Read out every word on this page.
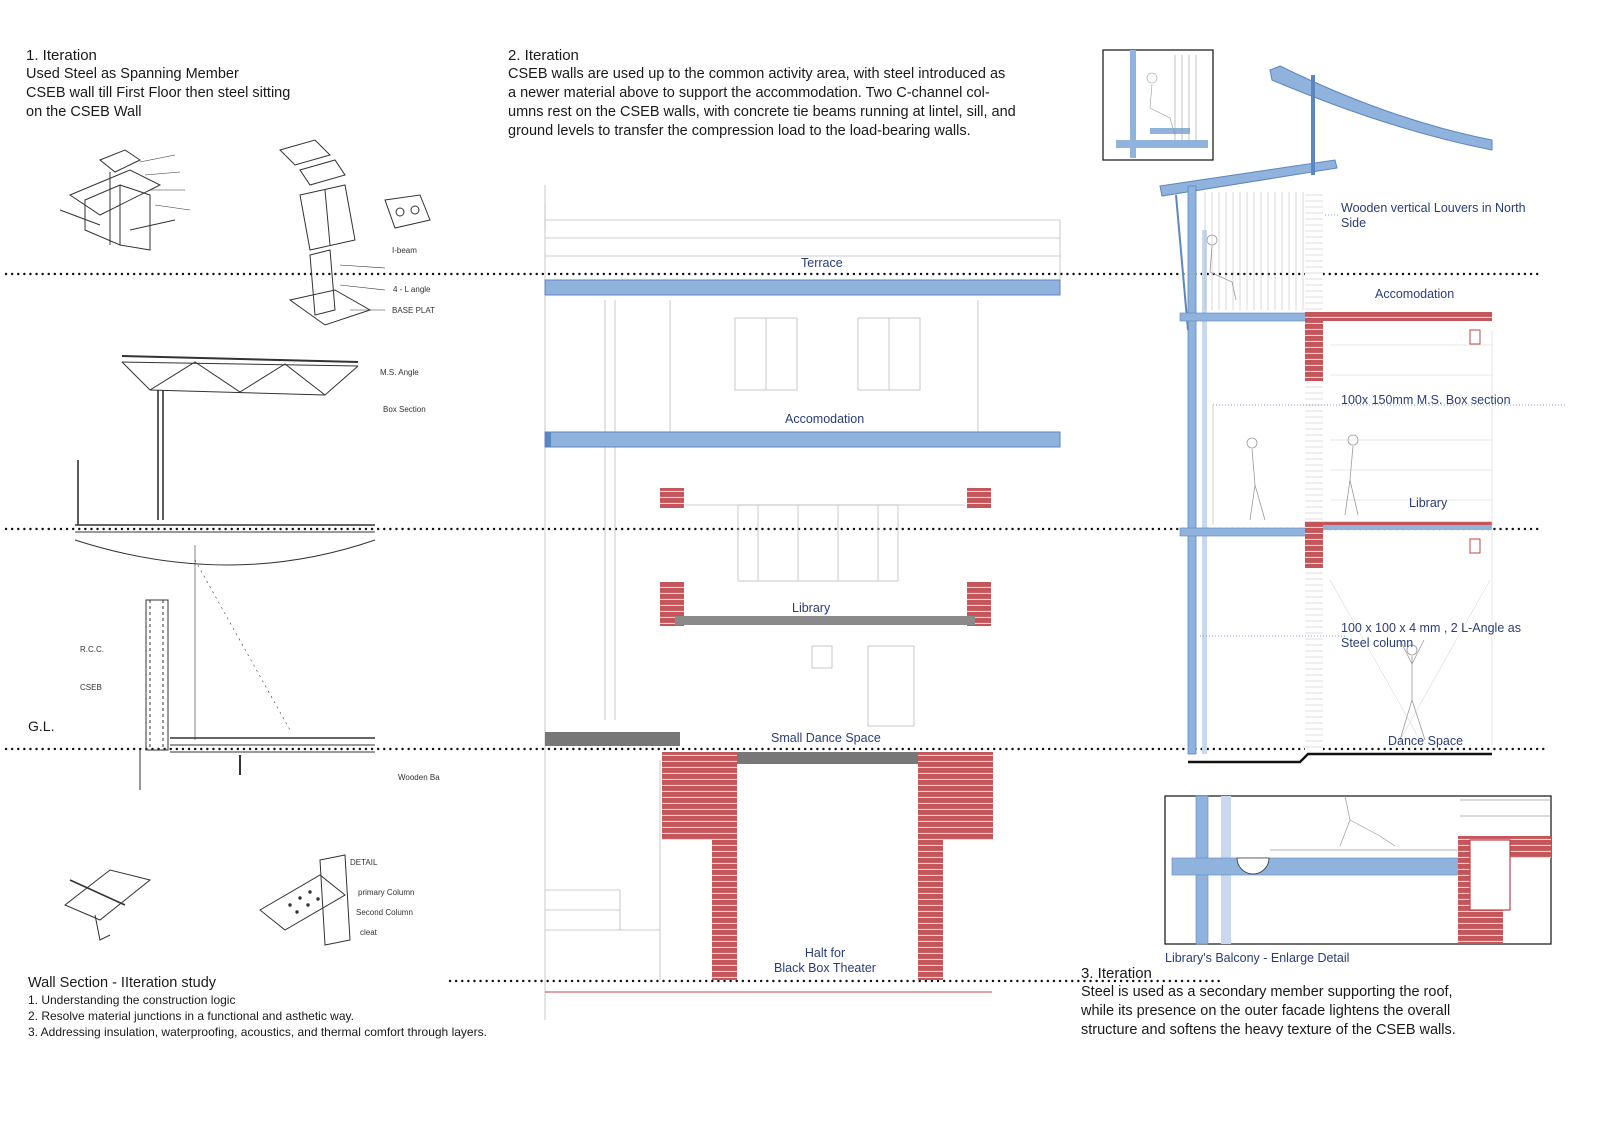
1. Iteration
Used Steel as Spanning Member
CSEB wall till First Floor then steel sitting
on the CSEB Wall
2. Iteration
CSEB walls are used up to the common activity area, with steel introduced as
a newer material above to support the accommodation. Two C-channel col-
umns rest on the CSEB walls, with concrete tie beams running at lintel, sill, and
ground levels to transfer the compression load to the load-bearing walls.
3. Iteration
Steel is used as a secondary member supporting the roof,
while its presence on the outer facade lightens the overall
structure and softens the heavy texture of the CSEB walls.
Wall Section - IIteration study
1. Understanding the construction logic
2. Resolve material junctions in a functional and asthetic way.
3. Addressing insulation, waterproofing, acoustics, and thermal comfort through layers.
G.L.
I-beam
4 - L angle
BASE PLAT
M.S. Angle
Box Section
R.C.C.
CSEB
Wooden Ba
primary Column
Second Column
cleat
DETAIL
Terrace
Accomodation
Library
Small Dance Space
Halt for
Black Box Theater
Wooden vertical Louvers in North
Side
Accomodation
100x 150mm M.S. Box section
Library
100 x 100 x 4 mm , 2 L-Angle as
Steel column
Dance Space
Library's Balcony - Enlarge Detail
